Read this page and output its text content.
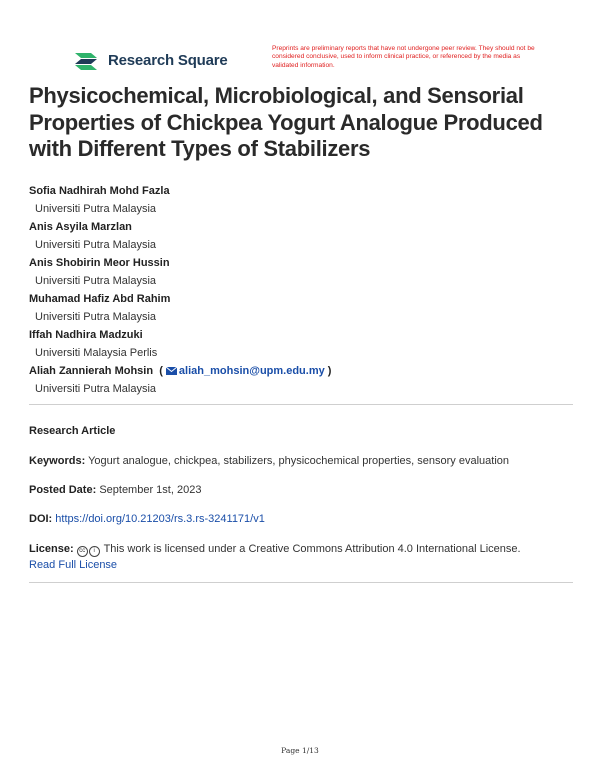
Research Square
Preprints are preliminary reports that have not undergone peer review. They should not be considered conclusive, used to inform clinical practice, or referenced by the media as validated information.
Physicochemical, Microbiological, and Sensorial Properties of Chickpea Yogurt Analogue Produced with Different Types of Stabilizers
Sofia Nadhirah Mohd Fazla
Universiti Putra Malaysia
Anis Asyila Marzlan
Universiti Putra Malaysia
Anis Shobirin Meor Hussin
Universiti Putra Malaysia
Muhamad Hafiz Abd Rahim
Universiti Putra Malaysia
Iffah Nadhira Madzuki
Universiti Malaysia Perlis
Aliah Zannierah Mohsin  ( aliah_mohsin@upm.edu.my )
Universiti Putra Malaysia
Research Article
Keywords: Yogurt analogue, chickpea, stabilizers, physicochemical properties, sensory evaluation
Posted Date: September 1st, 2023
DOI: https://doi.org/10.21203/rs.3.rs-3241171/v1
License: cc i This work is licensed under a Creative Commons Attribution 4.0 International License.
Read Full License
Page 1/13
